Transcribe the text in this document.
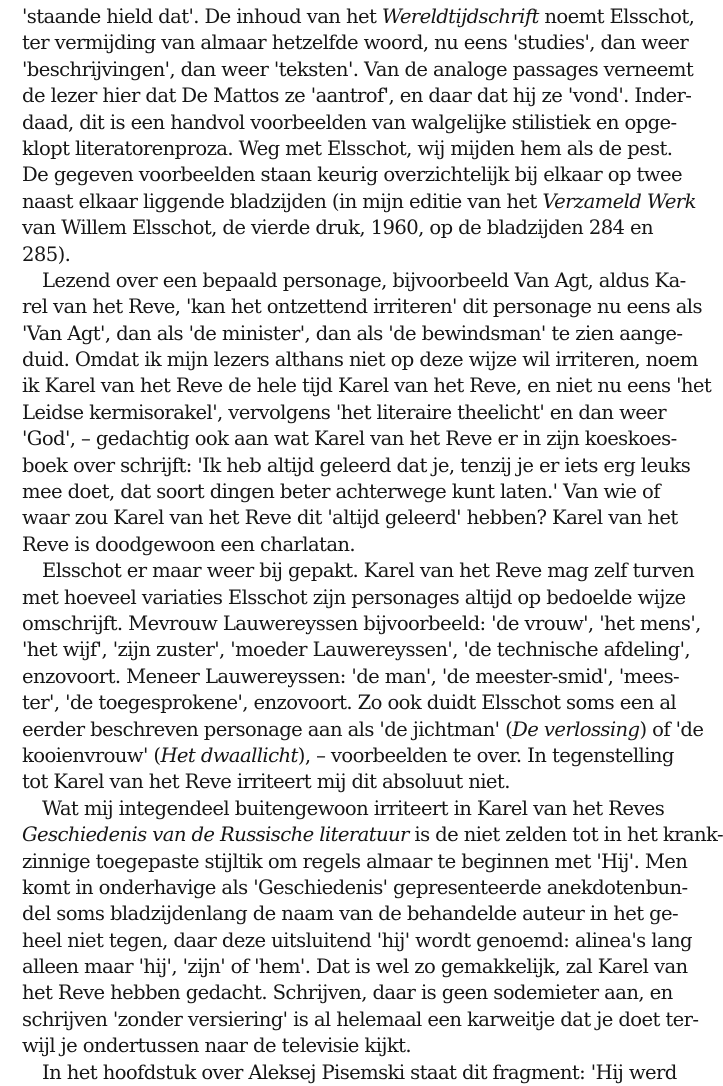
'staande hield dat'. De inhoud van het Wereldtijdschrift noemt Elsschot,
ter vermijding van almaar hetzelfde woord, nu eens 'studies', dan weer
'beschrijvingen', dan weer 'teksten'. Van de analoge passages verneemt
de lezer hier dat De Mattos ze 'aantrof', en daar dat hij ze 'vond'. Inder-
daad, dit is een handvol voorbeelden van walgelijke stilistiek en opge-
klopt literatorenproza. Weg met Elsschot, wij mijden hem als de pest.
De gegeven voorbeelden staan keurig overzichtelijk bij elkaar op twee
naast elkaar liggende bladzijden (in mijn editie van het Verzameld Werk
van Willem Elsschot, de vierde druk, 1960, op de bladzijden 284 en
285).
Lezend over een bepaald personage, bijvoorbeeld Van Agt, aldus Ka-
rel van het Reve, 'kan het ontzettend irriteren' dit personage nu eens als
'Van Agt', dan als 'de minister', dan als 'de bewindsman' te zien aange-
duid. Omdat ik mijn lezers althans niet op deze wijze wil irriteren, noem
ik Karel van het Reve de hele tijd Karel van het Reve, en niet nu eens 'het
Leidse kermisorakel', vervolgens 'het literaire theelicht' en dan weer
'God', – gedachtig ook aan wat Karel van het Reve er in zijn koeskoes-
boek over schrijft: 'Ik heb altijd geleerd dat je, tenzij je er iets erg leuks
mee doet, dat soort dingen beter achterwege kunt laten.' Van wie of
waar zou Karel van het Reve dit 'altijd geleerd' hebben? Karel van het
Reve is doodgewoon een charlatan.
Elsschot er maar weer bij gepakt. Karel van het Reve mag zelf turven
met hoeveel variaties Elsschot zijn personages altijd op bedoelde wijze
omschrijft. Mevrouw Lauwereyssen bijvoorbeeld: 'de vrouw', 'het mens',
'het wijf', 'zijn zuster', 'moeder Lauwereyssen', 'de technische afdeling',
enzovoort. Meneer Lauwereyssen: 'de man', 'de meester-smid', 'mees-
ter', 'de toegesprokene', enzovoort. Zo ook duidt Elsschot soms een al
eerder beschreven personage aan als 'de jichtman' (De verlossing) of 'de
kooienvrouw' (Het dwaallicht), – voorbeelden te over. In tegenstelling
tot Karel van het Reve irriteert mij dit absoluut niet.
Wat mij integendeel buitengewoon irriteert in Karel van het Reves
Geschiedenis van de Russische literatuur is de niet zelden tot in het krank-
zinnige toegepaste stijltik om regels almaar te beginnen met 'Hij'. Men
komt in onderhavige als 'Geschiedenis' gepresenteerde anekdotenbun-
del soms bladzijdenlang de naam van de behandelde auteur in het ge-
heel niet tegen, daar deze uitsluitend 'hij' wordt genoemd: alinea's lang
alleen maar 'hij', 'zijn' of 'hem'. Dat is wel zo gemakkelijk, zal Karel van
het Reve hebben gedacht. Schrijven, daar is geen sodemieter aan, en
schrijven 'zonder versiering' is al helemaal een karweitje dat je doet ter-
wijl je ondertussen naar de televisie kijkt.
In het hoofdstuk over Aleksej Pisemski staat dit fragment: 'Hij werd
